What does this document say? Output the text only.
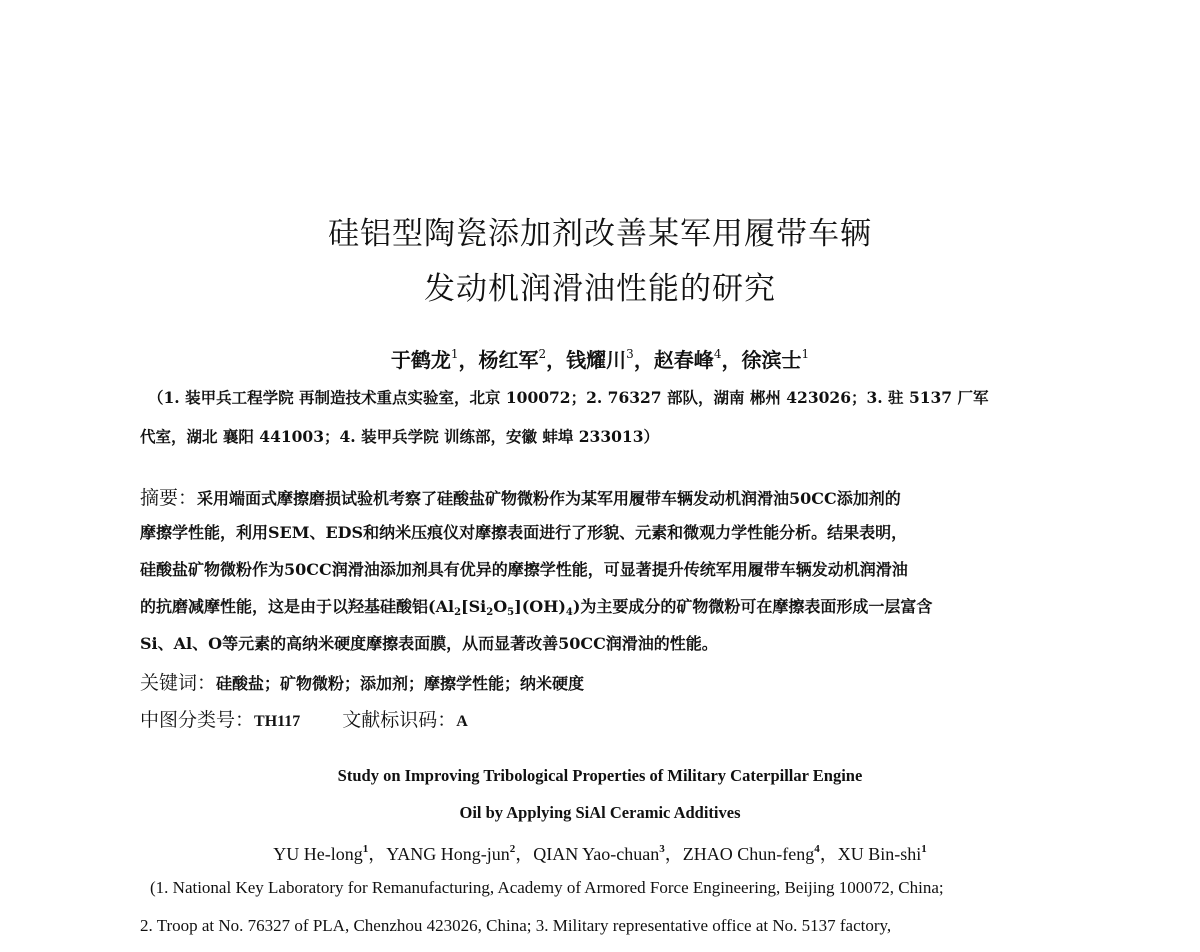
硅铝型陶瓷添加剂改善某军用履带车辆
发动机润滑油性能的研究
于鹤龙$^1$，杨红军$^2$，钱耀川$^3$，赵春峰$^4$，徐滨士$^1$
（1. 装甲兵工程学院 再制造技术重点实验室，北京 100072；2. 76327 部队，湖南 郴州 423026；3. 驻 5137 厂军
代室，湖北 襄阳 441003；4. 装甲兵学院 训练部，安徽 蚌埠 233013）
摘要：采用端面式摩擦磨损试验机考察了硅酸盐矿物微粉作为某军用履带车辆发动机润滑油50CC添加剂的
摩擦学性能，利用SEM、EDS和纳米压痕仪对摩擦表面进行了形貌、元素和微观力学性能分析。结果表明，
硅酸盐矿物微粉作为50CC润滑油添加剂具有优异的摩擦学性能，可显著提升传统军用履带车辆发动机润滑油
的抗磨减摩性能，这是由于以羟基硅酸铝$(Al_2[Si_2O_5](OH)_4)$为主要成分的矿物微粉可在摩擦表面形成一层富含
Si、Al、O等元素的高纳米硬度摩擦表面膜，从而显著改善50CC润滑油的性能。
关键词：硅酸盐；矿物微粉；添加剂；摩擦学性能；纳米硬度
中图分类号：TH117 文献标识码：A
Study on Improving Tribological Properties of Military Caterpillar Engine
Oil by Applying SiAl Ceramic Additives
YU He-long$^1$，YANG Hong-jun$^2$，QIAN Yao-chuan$^3$，ZHAO Chun-feng$^4$，XU Bin-shi$^1$
(1. National Key Laboratory for Remanufacturing, Academy of Armored Force Engineering, Beijing 100072, China;
2. Troop at No. 76327 of PLA, Chenzhou 423026, China; 3. Military representative office at No. 5137 factory,
